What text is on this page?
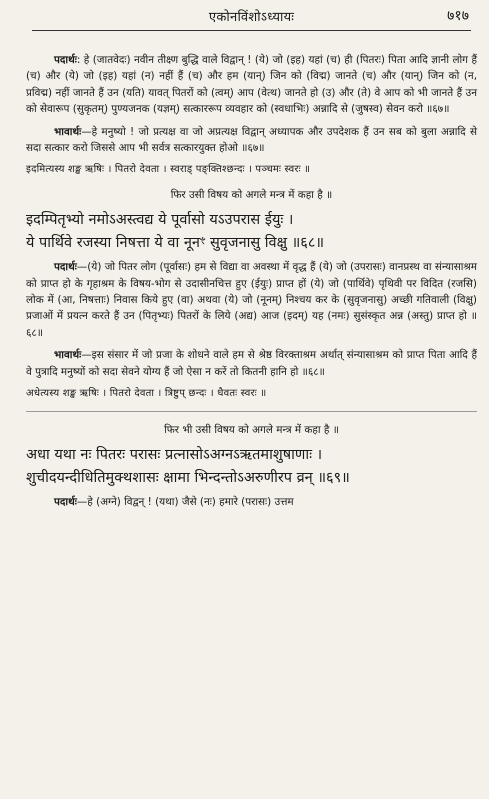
एकोनविंशोऽध्यायः	७१७

पदार्थः: हे (जातवेदः) नवीन तीक्ष्ण बुद्धि वाले विद्वान् ! (ये) जो (इह) यहां (च) ही (पितरः) पिता आदि ज्ञानी लोग हैं (च) और (ये) जो (इह) यहां (न) नहीं हैं (च) और हम (यान्) जिन को (विद्म) जानते (च) और (यान्) जिन को (न, प्रविद्म) नहीं जानते हैं उन (यति) यावत् पितरों को (त्वम्) आप (वेत्थ) जानते हो (उ) और (ते) वे आप को भी जानते हैं उन को सेवारूप (सुकृतम्) पुण्यजनक (यज्ञम्) सत्काररूप व्यवहार को (स्वधाभिः) अन्नादि से (जुषस्व) सेवन करो ॥६७॥

भावार्थः—हे मनुष्यो ! जो प्रत्यक्ष वा जो अप्रत्यक्ष विद्वान् अध्यापक और उपदेशक हैं उन सब को बुला अन्नादि से सदा सत्कार करो जिससे आप भी सर्वत्र सत्कारयुक्त होओ ॥६७॥

इदमित्यस्य शङ्ख ऋषिः । पितरो देवता । स्वराड् पङ्क्तिश्छन्दः । पञ्चमः स्वरः ॥
फिर उसी विषय को अगले मन्त्र में कहा है ॥
इदम्पितृभ्यो नमोऽअस्त्वद्य ये पूर्वासो यऽउपरास ईयुः ।
ये पार्थिवे रजस्या निषत्ता ये वा नूनꣳ सुवृजनासु विक्षु ॥६८॥

पदार्थः—(ये) जो पितर लोग (पूर्वासः) हम से विद्या वा अवस्था में वृद्ध हैं (ये) जो (उपरासः) वानप्रस्थ वा संन्यासाश्रम को प्राप्त हो के गृहाश्रम के विषय-भोग से उदासीनचित्त हुए (ईयुः) प्राप्त हों (ये) जो (पार्थिवे) पृथिवी पर विदित (रजसि) लोक में (आ, निषत्ताः) निवास किये हुए (वा) अथवा (ये) जो (नूनम्) निश्चय कर के (सुवृजनासु) अच्छी गतिवाली (विक्षु) प्रजाओं में प्रयत्न करते हैं उन (पितृभ्यः) पितरों के लिये (अद्य) आज (इदम्) यह (नमः) सुसंस्कृत अन्न (अस्तु) प्राप्त हो ॥६८॥

भावार्थः—इस संसार में जो प्रजा के शोधने वाले हम से श्रेष्ठ विरक्ताश्रम अर्थात् संन्यासाश्रम को प्राप्त पिता आदि हैं वे पुत्रादि मनुष्यों को सदा सेवने योग्य हैं जो ऐसा न करें तो कितनी हानि हो ॥६८॥

अधेत्यस्य शङ्ख ऋषिः । पितरो देवता । त्रिष्टुप् छन्दः । धैवतः स्वरः ॥
फिर भी उसी विषय को अगले मन्त्र में कहा है ॥
अधा यथा नः पितरः परासः प्रत्नासोऽअग्नऽऋतमाशुषाणाः ।
शुचीदयन्दीधितिमुक्थशासः क्षामा भिन्दन्तोऽअरुणीरप व्रन् ॥६९॥

पदार्थः—हे (अग्ने) विद्वन् ! (यथा) जैसे (नः) हमारे (परासः) उत्तम
